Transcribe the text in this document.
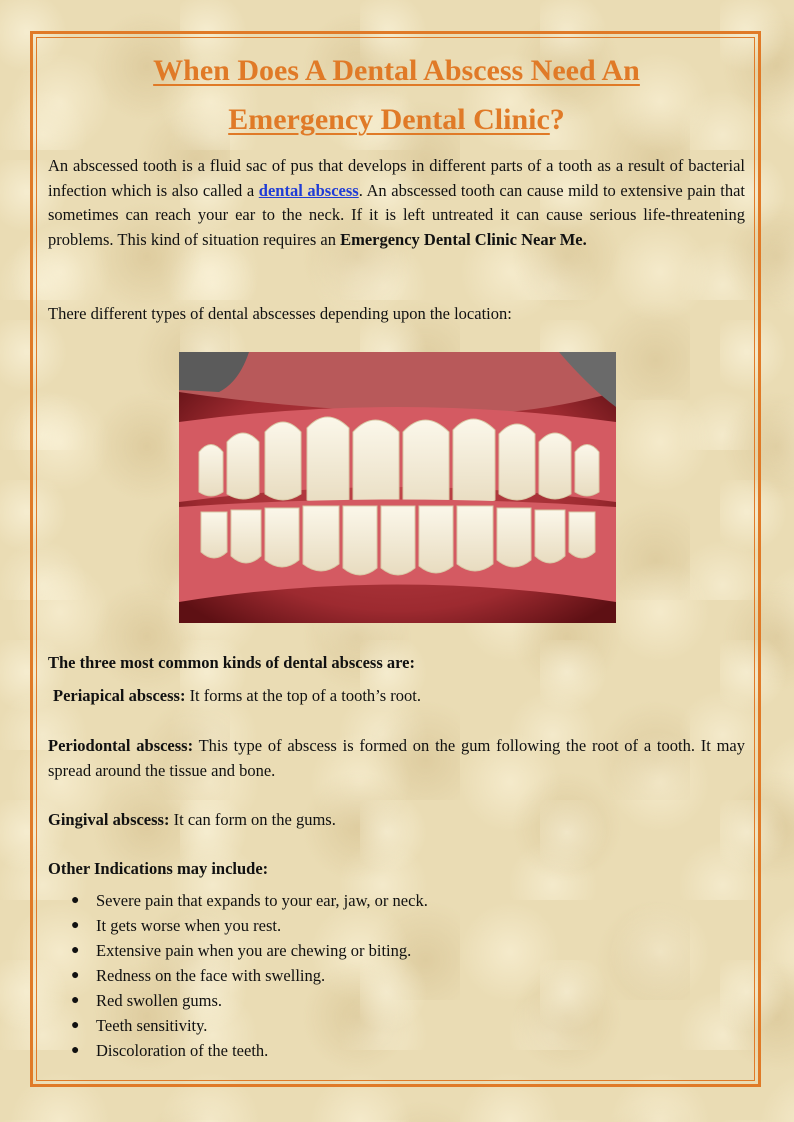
When Does A Dental Abscess Need An
Emergency Dental Clinic?

An abscessed tooth is a fluid sac of pus that develops in different parts of a tooth as a result of bacterial infection which is also called a dental abscess. An abscessed tooth can cause mild to extensive pain that sometimes can reach your ear to the neck. If it is left untreated it can cause serious life-threatening problems. This kind of situation requires an Emergency Dental Clinic Near Me.

There different types of dental abscesses depending upon the location:

The three most common kinds of dental abscess are:

Periapical abscess: It forms at the top of a tooth’s root.

Periodontal abscess: This type of abscess is formed on the gum following the root of a tooth. It may spread around the tissue and bone.

Gingival abscess: It can form on the gums.

Other Indications may include:

● Severe pain that expands to your ear, jaw, or neck.
● It gets worse when you rest.
● Extensive pain when you are chewing or biting.
● Redness on the face with swelling.
● Red swollen gums.
● Teeth sensitivity.
● Discoloration of the teeth.
